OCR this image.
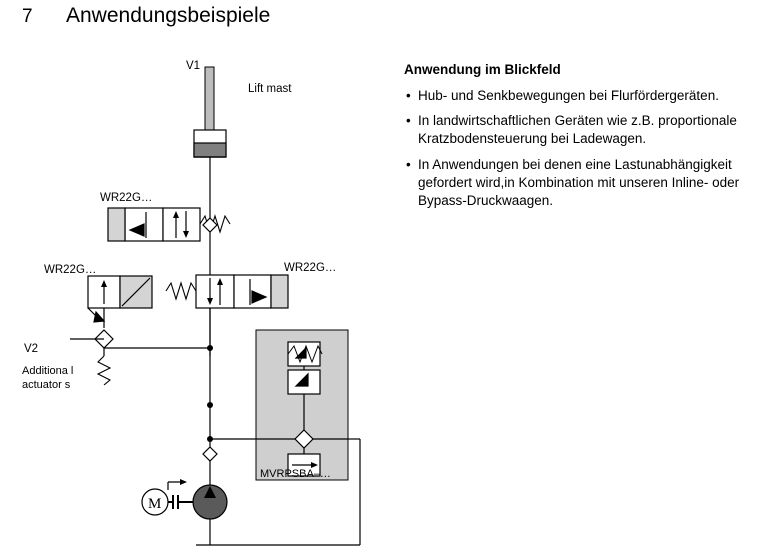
7 Anwendungsbeispiele
Anwendung im Blickfeld
• Hub- und Senkbewegungen bei Flurfördergeräten.
• In landwirtschaftlichen Geräten wie z.B. proportionale Kratzbodensteuerung bei Ladewagen.
• In Anwendungen bei denen eine Lastunabhängigkeit gefordert wird,in Kombination mit unseren Inline- oder Bypass-Druckwaagen.
M
V1
Lift mast
WR22G…
WR22G…	WR22G…
V2
Additiona l
actuator s
MVRPSBA–…
